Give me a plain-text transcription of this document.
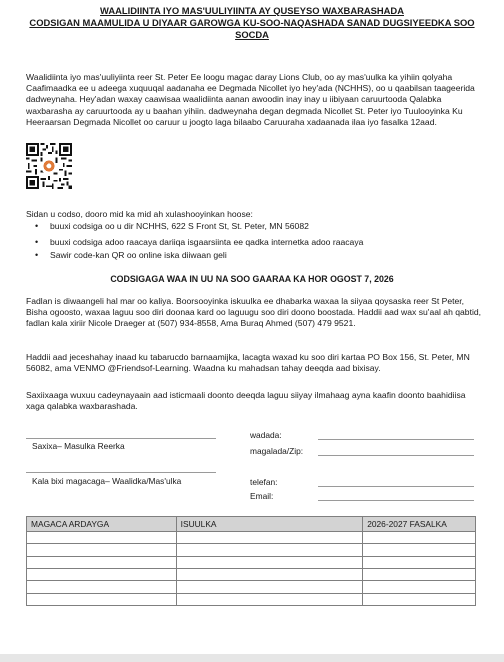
WAALIDIINTA IYO MAS'UULIYIINTA AY QUSEYSO WAXBARASHADA
CODSIGAN MAAMULIDA U DIYAAR GAROWGA KU-SOO-NAQASHADA SANAD DUGSIYEEDKA SOO
SOCDA

Waalidiinta iyo mas'uuliyiinta reer St. Peter Ee loogu magac daray Lions Club, oo ay mas'uulka ka yihiin qolyaha Caafimaadka ee u adeega xuquuqal aadanaha ee Degmada Nicollet iyo hey'ada (NCHHS), oo u qaabilsan taageerida dadweynaha. Hey'adan waxay caawisaa waalidiinta aanan awoodin inay inay u iibiyaan caruurtooda Qalabka waxbarasha ay caruurtooda ay u baahan yihiin. dadweynaha degan degmada Nicollet St. Peter iyo Tuulooyinka Ku Heeraarsan Degmada Nicollet oo caruur u joogto laga bilaabo Caruuraha xadaanada ilaa iyo fasalka 12aad.

Sidan u codso, dooro mid ka mid ah xulashooyinkan hoose:
• buuxi codsiga oo u dir NCHHS, 622 S Front St, St. Peter, MN 56082
• buuxi codsiga adoo raacaya dariiqa isgaarsiinta ee qadka internetka adoo raacaya
• Sawir code-kan QR oo online iska diiwaan geli
CODSIGAGA WAA IN UU NA SOO GAARAA KA HOR OGOST 7, 2026

Fadlan is diwaangeli hal mar oo kaliya. Boorsooyinka iskuulka ee dhabarka waxaa la siiyaa qoysaska reer St Peter, Bisha ogoosto, waxaa laguu soo diri doonaa kard oo laguugu soo diri doono boostada. Haddii aad wax su'aal ah qabtid, fadlan kala xiriir Nicole Draeger at (507) 934-8558, Ama Buraq Ahmed (507) 479 9521.

Haddii aad jeceshahay inaad ku tabarucdo barnaamijka, lacagta waxad ku soo diri kartaa PO Box 156, St. Peter, MN 56082, ama VENMO @Friendsof-Learning. Waadna ku mahadsan tahay deeqda aad bixisay.

Saxiixaaga wuxuu cadeynayaain aad isticmaali doonto deeqda laguu siiyay ilmahaag ayna kaafin doonto baahidiisa xaga qalabka waxbarashada.

Saxixa– Masulka Reerka
wadada:
magalada/Zip:
Kala bixi magacaga– Waalidka/Mas'ulka	telefan:
Email:
MAGACA ARDAYGA	ISUULKA	2026-2027 FASALKA
